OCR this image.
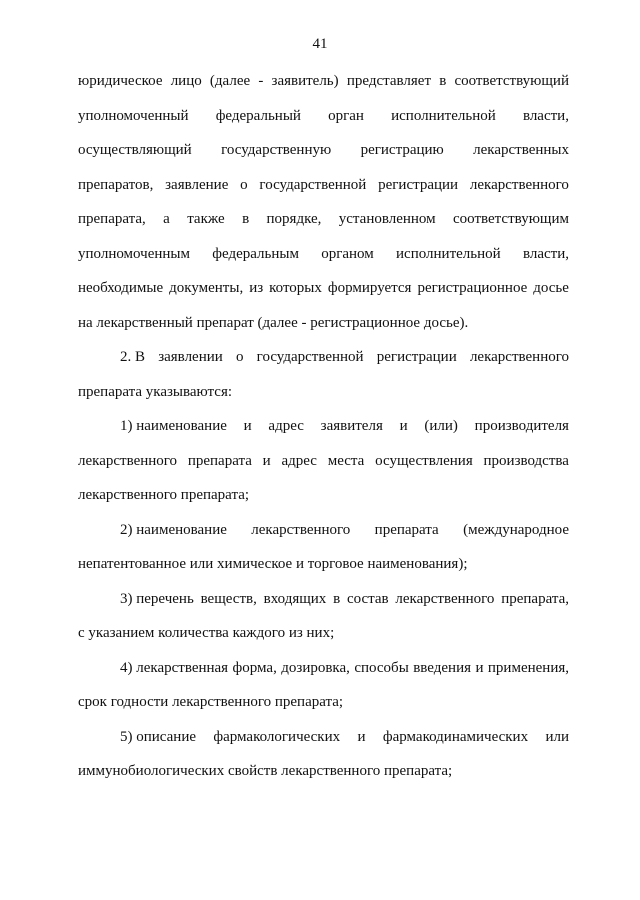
41
юридическое лицо (далее - заявитель) представляет в соответствующий
уполномоченный федеральный орган исполнительной власти,
осуществляющий государственную регистрацию лекарственных
препаратов, заявление о государственной регистрации лекарственного
препарата, а также в порядке, установленном соответствующим
уполномоченным федеральным органом исполнительной власти,
необходимые документы, из которых формируется регистрационное досье
на лекарственный препарат (далее - регистрационное досье).
2. В заявлении о государственной регистрации лекарственного
препарата указываются:
1) наименование и адрес заявителя и (или) производителя
лекарственного препарата и адрес места осуществления производства
лекарственного препарата;
2) наименование лекарственного препарата (международное
непатентованное или химическое и торговое наименования);
3) перечень веществ, входящих в состав лекарственного препарата,
с указанием количества каждого из них;
4) лекарственная форма, дозировка, способы введения и применения,
срок годности лекарственного препарата;
5) описание фармакологических и фармакодинамических или
иммунобиологических свойств лекарственного препарата;
